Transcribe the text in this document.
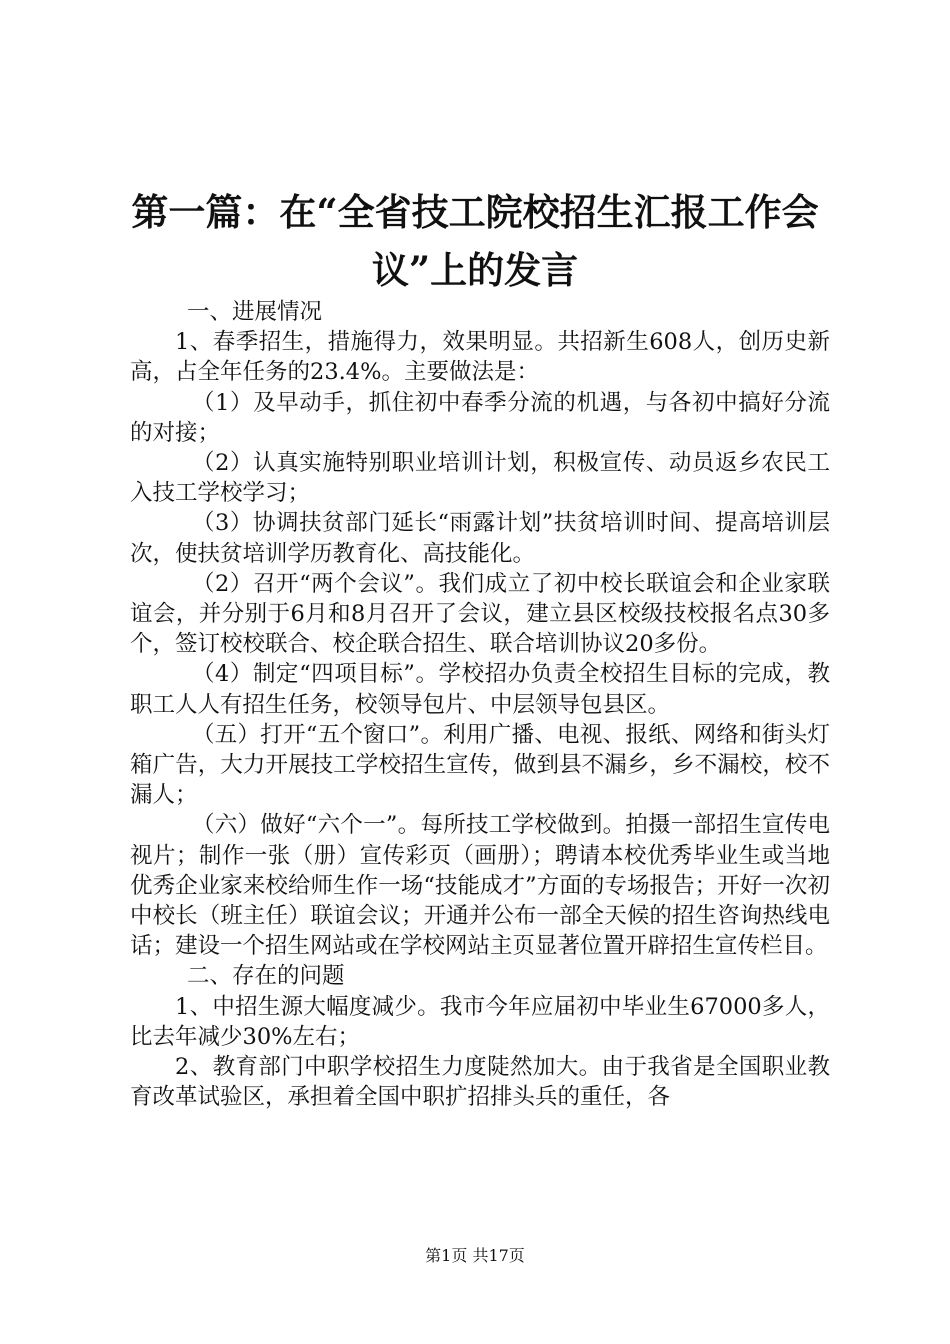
第一篇：在“全省技工院校招生汇报工作会议”上的发言

一、进展情况

1、春季招生，措施得力，效果明显。共招新生608人，创历史新高，占全年任务的23.4%。主要做法是：

（1）及早动手，抓住初中春季分流的机遇，与各初中搞好分流的对接；

（2）认真实施特别职业培训计划，积极宣传、动员返乡农民工入技工学校学习；

（3）协调扶贫部门延长“雨露计划”扶贫培训时间、提高培训层次，使扶贫培训学历教育化、高技能化。

（2）召开“两个会议”。我们成立了初中校长联谊会和企业家联谊会，并分别于6月和8月召开了会议，建立县区校级技校报名点30多个，签订校校联合、校企联合招生、联合培训协议20多份。

（4）制定“四项目标”。学校招办负责全校招生目标的完成，教职工人人有招生任务，校领导包片、中层领导包县区。

（五）打开“五个窗口”。利用广播、电视、报纸、网络和街头灯箱广告，大力开展技工学校招生宣传，做到县不漏乡，乡不漏校，校不漏人；

（六）做好“六个一”。每所技工学校做到。拍摄一部招生宣传电视片；制作一张（册）宣传彩页（画册）；聘请本校优秀毕业生或当地优秀企业家来校给师生作一场“技能成才”方面的专场报告；开好一次初中校长（班主任）联谊会议；开通并公布一部全天候的招生咨询热线电话；建设一个招生网站或在学校网站主页显著位置开辟招生宣传栏目。

二、存在的问题

1、中招生源大幅度减少。我市今年应届初中毕业生67000多人，比去年减少30%左右；

2、教育部门中职学校招生力度陡然加大。由于我省是全国职业教育改革试验区，承担着全国中职扩招排头兵的重任，各

第1页 共17页
